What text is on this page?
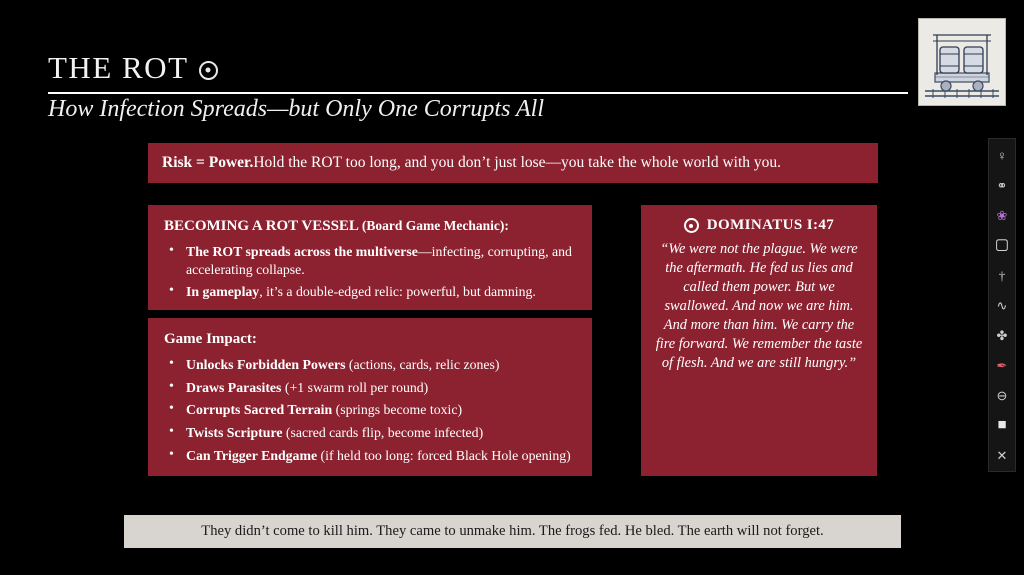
THE ROT
How Infection Spreads—but Only One Corrupts All
Risk = Power. Hold the ROT too long, and you don’t just lose—you take the whole world with you.
BECOMING A ROT VESSEL (Board Game Mechanic):
• The ROT spreads across the multiverse—infecting, corrupting, and accelerating collapse.
• In gameplay, it’s a double-edged relic: powerful, but damning.
Game Impact:
• Unlocks Forbidden Powers (actions, cards, relic zones)
• Draws Parasites (+1 swarm roll per round)
• Corrupts Sacred Terrain (springs become toxic)
• Twists Scripture (sacred cards flip, become infected)
• Can Trigger Endgame (if held too long: forced Black Hole opening)
DOMINATUS I:47
“We were not the plague. We were the aftermath. He fed us lies and called them power. But we swallowed. And now we are him. And more than him. We carry the fire forward. We remember the taste of flesh. And we are still hungry.”
♀
⚭
❀
▢
†
∿
✤
✒
⊖
■
✕
They didn’t come to kill him. They came to unmake him. The frogs fed. He bled. The earth will not forget.
